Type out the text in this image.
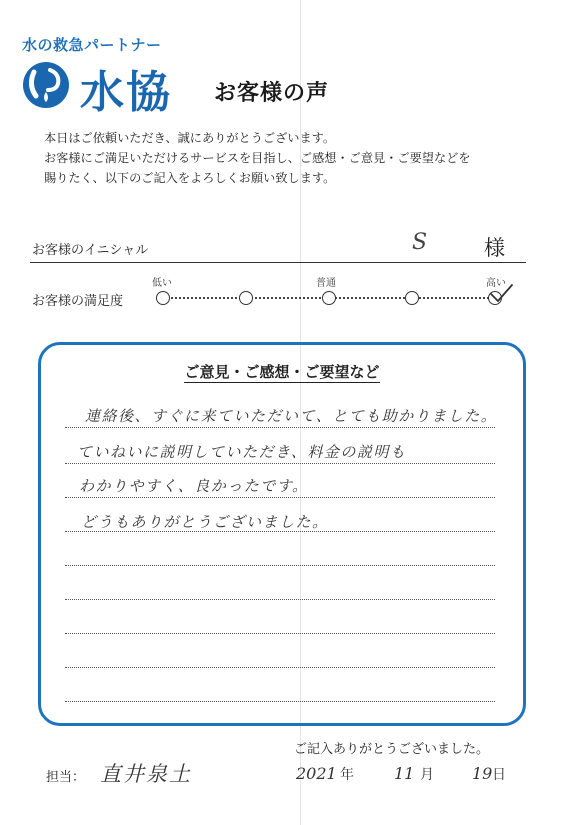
水の救急パートナー
水協 お客様の声
本日はご依頼いただき、誠にありがとうございます。
お客様にご満足いただけるサービスを目指し、ご感想・ご意見・ご要望などを
賜りたく、以下のご記入をよろしくお願い致します。
お客様のイニシャル	S	様
お客様の満足度
低い	普通	高い
ご意見・ご感想・ご要望など
連絡後、すぐに来ていただいて、とても助かりました。
ていねいに説明していただき、料金の説明も
わかりやすく、良かったです。
どうもありがとうございました。
ご記入ありがとうございました。
担当： 直井泉土	2021 年	11 月 19 日
